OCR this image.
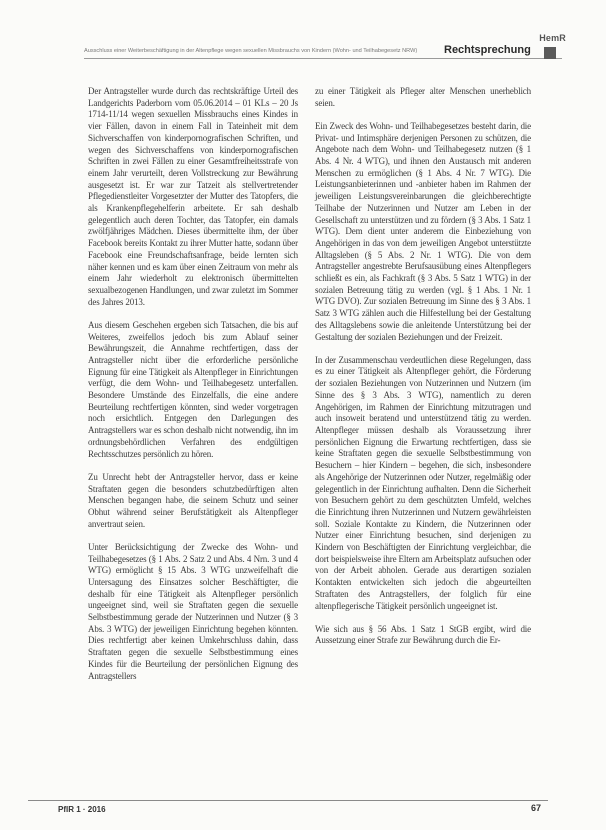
HemR
Ausschluss einer Weiterbeschäftigung in der Altenpflege wegen sexuellen Missbrauchs von Kindern (Wohn- und Teilhabegesetz NRW)	Rechtsprechung

Der Antragsteller wurde durch das rechtskräftige Urteil des Landgerichts Paderborn vom 05.06.2014 – 01 KLs – 20 Js 1714-11/14 wegen sexuellen Missbrauchs eines Kindes in vier Fällen, davon in einem Fall in Tateinheit mit dem Sichverschaffen von kinderpornografischen Schriften, und wegen des Sichverschaffens von kinderpornografischen Schriften in zwei Fällen zu einer Gesamtfreiheitsstrafe von einem Jahr verurteilt, deren Vollstreckung zur Bewährung ausgesetzt ist. Er war zur Tatzeit als stellvertretender Pflegedienstleiter Vorgesetzter der Mutter des Tatopfers, die als Krankenpflegehelferin arbeitete. Er sah deshalb gelegentlich auch deren Tochter, das Tatopfer, ein damals zwölfjähriges Mädchen. Dieses übermittelte ihm, der über Facebook bereits Kontakt zu ihrer Mutter hatte, sodann über Facebook eine Freundschaftsanfrage, beide lernten sich näher kennen und es kam über einen Zeitraum von mehr als einem Jahr wiederholt zu elektronisch übermittelten sexualbezogenen Handlungen, und zwar zuletzt im Sommer des Jahres 2013.

Aus diesem Geschehen ergeben sich Tatsachen, die bis auf Weiteres, zweifellos jedoch bis zum Ablauf seiner Bewährungszeit, die Annahme rechtfertigen, dass der Antragsteller nicht über die erforderliche persönliche Eignung für eine Tätigkeit als Altenpfleger in Einrichtungen verfügt, die dem Wohn- und Teilhabegesetz unterfallen. Besondere Umstände des Einzelfalls, die eine andere Beurteilung rechtfertigen könnten, sind weder vorgetragen noch ersichtlich. Entgegen den Darlegungen des Antragstellers war es schon deshalb nicht notwendig, ihn im ordnungsbehördlichen Verfahren des endgültigen Rechtsschutzes persönlich zu hören.

Zu Unrecht hebt der Antragsteller hervor, dass er keine Straftaten gegen die besonders schutzbedürftigen alten Menschen begangen habe, die seinem Schutz und seiner Obhut während seiner Berufstätigkeit als Altenpfleger anvertraut seien.

Unter Berücksichtigung der Zwecke des Wohn- und Teilhabegesetzes (§ 1 Abs. 2 Satz 2 und Abs. 4 Nrn. 3 und 4 WTG) ermöglicht § 15 Abs. 3 WTG unzweifelhaft die Untersagung des Einsatzes solcher Beschäftigter, die deshalb für eine Tätigkeit als Altenpfleger persönlich ungeeignet sind, weil sie Straftaten gegen die sexuelle Selbstbestimmung gerade der Nutzerinnen und Nutzer (§ 3 Abs. 3 WTG) der jeweiligen Einrichtung begehen könnten. Dies rechtfertigt aber keinen Umkehrschluss dahin, dass Straftaten gegen die sexuelle Selbstbestimmung eines Kindes für die Beurteilung der persönlichen Eignung des Antragstellers

zu einer Tätigkeit als Pfleger alter Menschen unerheblich seien.

Ein Zweck des Wohn- und Teilhabegesetzes besteht darin, die Privat- und Intimsphäre derjenigen Personen zu schützen, die Angebote nach dem Wohn- und Teilhabegesetz nutzen (§ 1 Abs. 4 Nr. 4 WTG), und ihnen den Austausch mit anderen Menschen zu ermöglichen (§ 1 Abs. 4 Nr. 7 WTG). Die Leistungsanbieterinnen und -anbieter haben im Rahmen der jeweiligen Leistungsvereinbarungen die gleichberechtigte Teilhabe der Nutzerinnen und Nutzer am Leben in der Gesellschaft zu unterstützen und zu fördern (§ 3 Abs. 1 Satz 1 WTG). Dem dient unter anderem die Einbeziehung von Angehörigen in das von dem jeweiligen Angebot unterstützte Alltagsleben (§ 5 Abs. 2 Nr. 1 WTG). Die von dem Antragsteller angestrebte Berufsausübung eines Altenpflegers schließt es ein, als Fachkraft (§ 3 Abs. 5 Satz 1 WTG) in der sozialen Betreuung tätig zu werden (vgl. § 1 Abs. 1 Nr. 1 WTG DVO). Zur sozialen Betreuung im Sinne des § 3 Abs. 1 Satz 3 WTG zählen auch die Hilfestellung bei der Gestaltung des Alltagslebens sowie die anleitende Unterstützung bei der Gestaltung der sozialen Beziehungen und der Freizeit.

In der Zusammenschau verdeutlichen diese Regelungen, dass es zu einer Tätigkeit als Altenpfleger gehört, die Förderung der sozialen Beziehungen von Nutzerinnen und Nutzern (im Sinne des § 3 Abs. 3 WTG), namentlich zu deren Angehörigen, im Rahmen der Einrichtung mitzutragen und auch insoweit beratend und unterstützend tätig zu werden. Altenpfleger müssen deshalb als Voraussetzung ihrer persönlichen Eignung die Erwartung rechtfertigen, dass sie keine Straftaten gegen die sexuelle Selbstbestimmung von Besuchern – hier Kindern – begehen, die sich, insbesondere als Angehörige der Nutzerinnen oder Nutzer, regelmäßig oder gelegentlich in der Einrichtung aufhalten. Denn die Sicherheit von Besuchern gehört zu dem geschützten Umfeld, welches die Einrichtung ihren Nutzerinnen und Nutzern gewährleisten soll. Soziale Kontakte zu Kindern, die Nutzerinnen oder Nutzer einer Einrichtung besuchen, sind derjenigen zu Kindern von Beschäftigten der Einrichtung vergleichbar, die dort beispielsweise ihre Eltern am Arbeitsplatz aufsuchen oder von der Arbeit abholen. Gerade aus derartigen sozialen Kontakten entwickelten sich jedoch die abgeurteilten Straftaten des Antragstellers, der folglich für eine altenpflegerische Tätigkeit persönlich ungeeignet ist.

Wie sich aus § 56 Abs. 1 Satz 1 StGB ergibt, wird die Aussetzung einer Strafe zur Bewährung durch die Er-

PflR 1 · 2016	67
